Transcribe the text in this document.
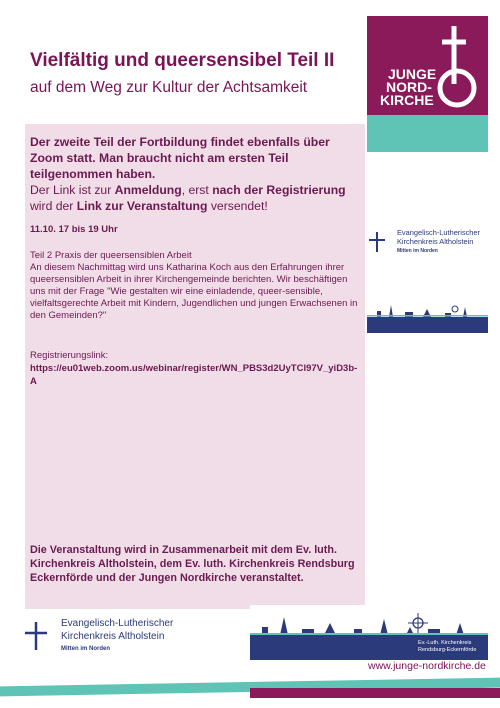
Vielfältig und queersensibel Teil II
auf dem Weg zur Kultur der Achtsamkeit
JUNGE
NORD-
KIRCHE
Der zweite Teil der Fortbildung findet ebenfalls über Zoom statt. Man braucht nicht am ersten Teil teilgenommen haben.
Der Link ist zur Anmeldung, erst nach der Registrierung
wird der Link zur Veranstaltung versendet!
11.10. 17 bis 19 Uhr
Teil 2 Praxis der queersensiblen Arbeit
An diesem Nachmittag wird uns Katharina Koch aus den Erfahrungen ihrer queersensiblen Arbeit in ihrer Kirchengemeinde berichten. Wir beschäftigen uns mit der Frage "Wie gestalten wir eine einladende, queer-sensible, vielfaltsgerechte Arbeit mit Kindern, Jugendlichen und jungen Erwachsenen in den Gemeinden?"
Registrierungslink:
https://eu01web.zoom.us/webinar/register/WN_PBS3d2UyTCl97V_yiD3b-A
Die Veranstaltung wird in Zusammenarbeit mit dem Ev. luth. Kirchenkreis Altholstein, dem Ev. luth. Kirchenkreis Rendsburg Eckernförde und der Jungen Nordkirche veranstaltet.
Evangelisch-Lutherischer
Kirchenkreis Altholstein
Mitten im Norden
Evangelisch-Lutherischer
Kirchenkreis Altholstein
Mitten im Norden
Ev.-Luth. Kirchenkreis
Rendsburg-Eckernförde
www.junge-nordkirche.de
